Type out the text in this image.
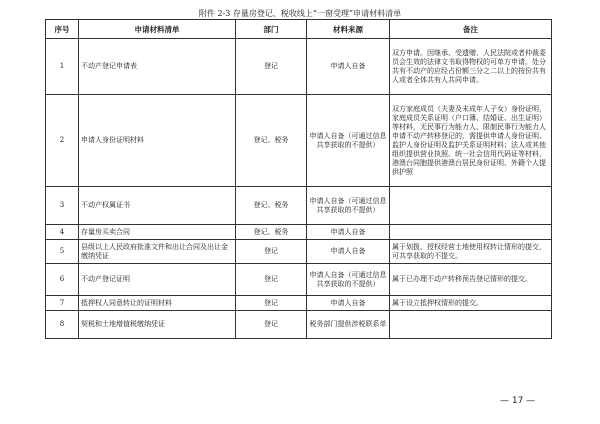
附件 2-3 存量房登记、税收线上“一窗受理”申请材料清单
序号	申请材料清单	部门	材料来源	备注
1	不动产登记申请表	登记	申请人自备	双方申请。因继承、受遗赠、人民法院或者仲裁委员会生效的法律文书取得物权的可单方申请。处分共有不动产的应经占份额三分之二以上的按份共有人或者全体共有人共同申请。
2	申请人身份证明材料	登记、税务	申请人自备（可通过信息共享获取的不提供）	双方家庭成员（夫妻及未成年人子女）身份证明，家庭成员关系证明（户口簿、结婚证、出生证明）等材料，无民事行为能力人、限制民事行为能力人申请不动产转移登记的，需提供申请人身份证明、监护人身份证明及监护关系证明材料；法人或其他组织提供营业执照、统一社会信用代码证等材料，港澳台同胞提供港澳台居民身份证明、外籍个人提供护照
3	不动产权属证书	登记、税务	申请人自备（可通过信息共享获取的不提供）	
4	存量房买卖合同	登记、税务	申请人自备	
5	县级以上人民政府批准文件和出让合同及出让金缴纳凭证	登记	申请人自备	属于划拨、授权经营土地使用权转让情形的提交，可共享获取的不提交。
6	不动产登记证明	登记	申请人自备（可通过信息共享获取的不提供）	属于已办理不动产转移预告登记情形的提交。
7	抵押权人同意转让的证明材料	登记	申请人自备	属于设立抵押权情形的提交。
8	契税和土地增值税缴纳凭证	登记	税务部门提供涉税联系单	
— 17 —
